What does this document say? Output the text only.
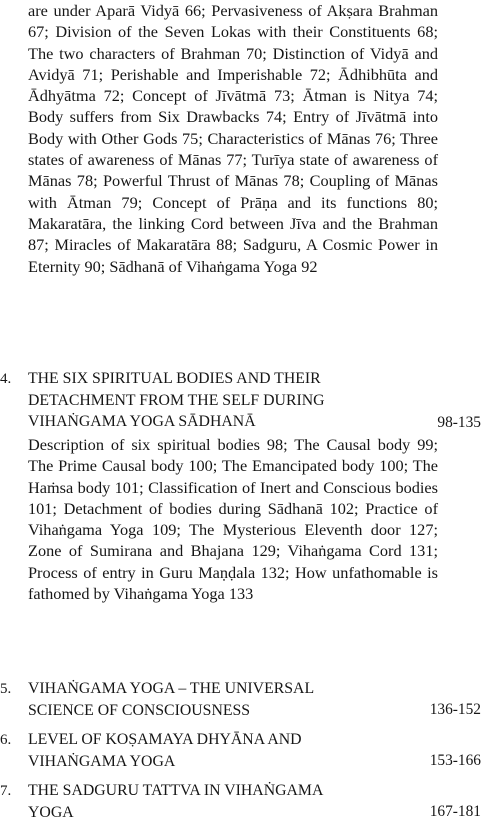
are under Aparā Vidyā 66; Pervasiveness of Akṣara Brahman 67; Division of the Seven Lokas with their Constituents 68; The two characters of Brahman 70; Distinction of Vidyā and Avidyā 71; Perishable and Imperishable 72; Ādhibhūta and Ādhyātma 72; Concept of Jīvātmā 73; Ātman is Nitya 74; Body suffers from Six Drawbacks 74; Entry of Jīvātmā into Body with Other Gods 75; Characteristics of Mānas 76; Three states of awareness of Mānas 77; Turīya state of awareness of Mānas 78; Powerful Thrust of Mānas 78; Coupling of Mānas with Ātman 79; Concept of Prāṇa and its functions 80; Makaratāra, the linking Cord between Jīva and the Brahman 87; Miracles of Makaratāra 88; Sadguru, A Cosmic Power in Eternity 90; Sādhanā of Vihaṅgama Yoga 92

4.	THE SIX SPIRITUAL BODIES AND THEIR
DETACHMENT FROM THE SELF DURING
VIHAṄGAMA YOGA SĀDHANĀ	98-135

Description of six spiritual bodies 98; The Causal body 99; The Prime Causal body 100; The Emancipated body 100; The Haṁsa body 101; Classification of Inert and Conscious bodies 101; Detachment of bodies during Sādhanā 102; Practice of Vihaṅgama Yoga 109; The Mysterious Eleventh door 127; Zone of Sumirana and Bhajana 129; Vihaṅgama Cord 131; Process of entry in Guru Maṇḍala 132; How unfathomable is fathomed by Vihaṅgama Yoga 133

5.	VIHAṄGAMA YOGA – THE UNIVERSAL
SCIENCE OF CONSCIOUSNESS	136-152
6.	LEVEL OF KOṢAMAYA DHYĀNA AND
VIHAṄGAMA YOGA	153-166
7.	THE SADGURU TATTVA IN VIHAṄGAMA
YOGA	167-181
